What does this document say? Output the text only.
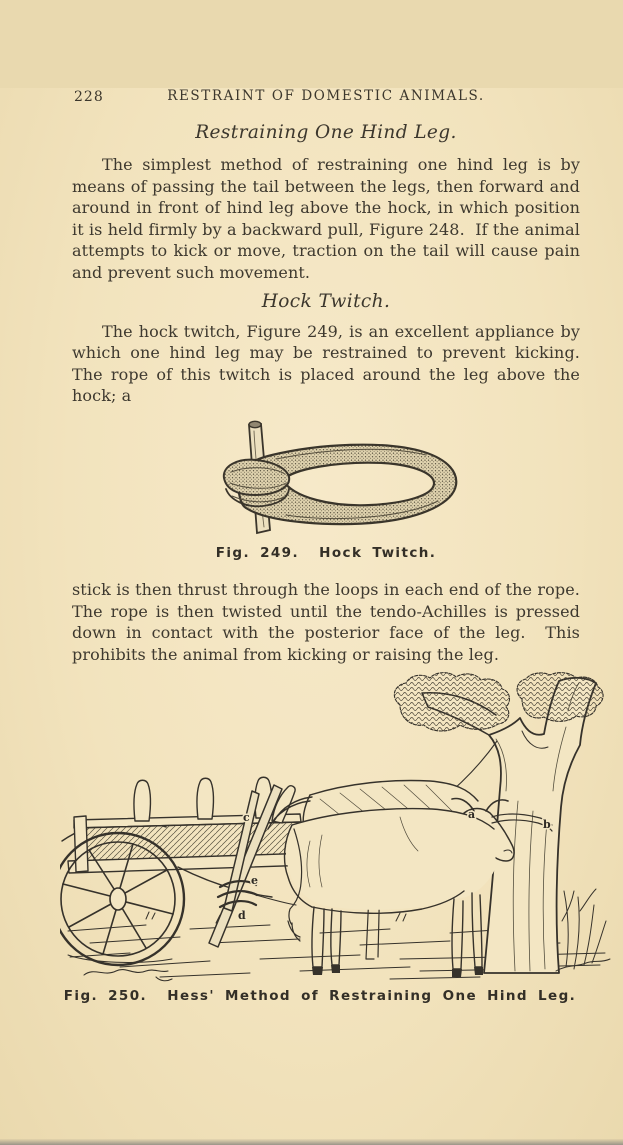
228	RESTRAINT OF DOMESTIC ANIMALS.
Restraining One Hind Leg.

The simplest method of restraining one hind leg is by means of passing the tail between the legs, then forward and around in front of hind leg above the hock, in which position it is held firmly by a backward pull, Figure 248.  If the animal attempts to kick or move, traction on the tail will cause pain and prevent such movement.

Hock Twitch.

The hock twitch, Figure 249, is an excellent appliance by which one hind leg may be restrained to prevent kicking.  The rope of this twitch is placed around the leg above the hock; a

Fig. 249.  Hock Twitch.

stick is then thrust through the loops in each end of the rope. The rope is then twisted until the tendo-Achilles is pressed down in contact with the posterior face of the leg.  This prohibits the animal from kicking or raising the leg.

c
e
d
a
b
Fig. 250.  Hess' Method of Restraining One Hind Leg.
